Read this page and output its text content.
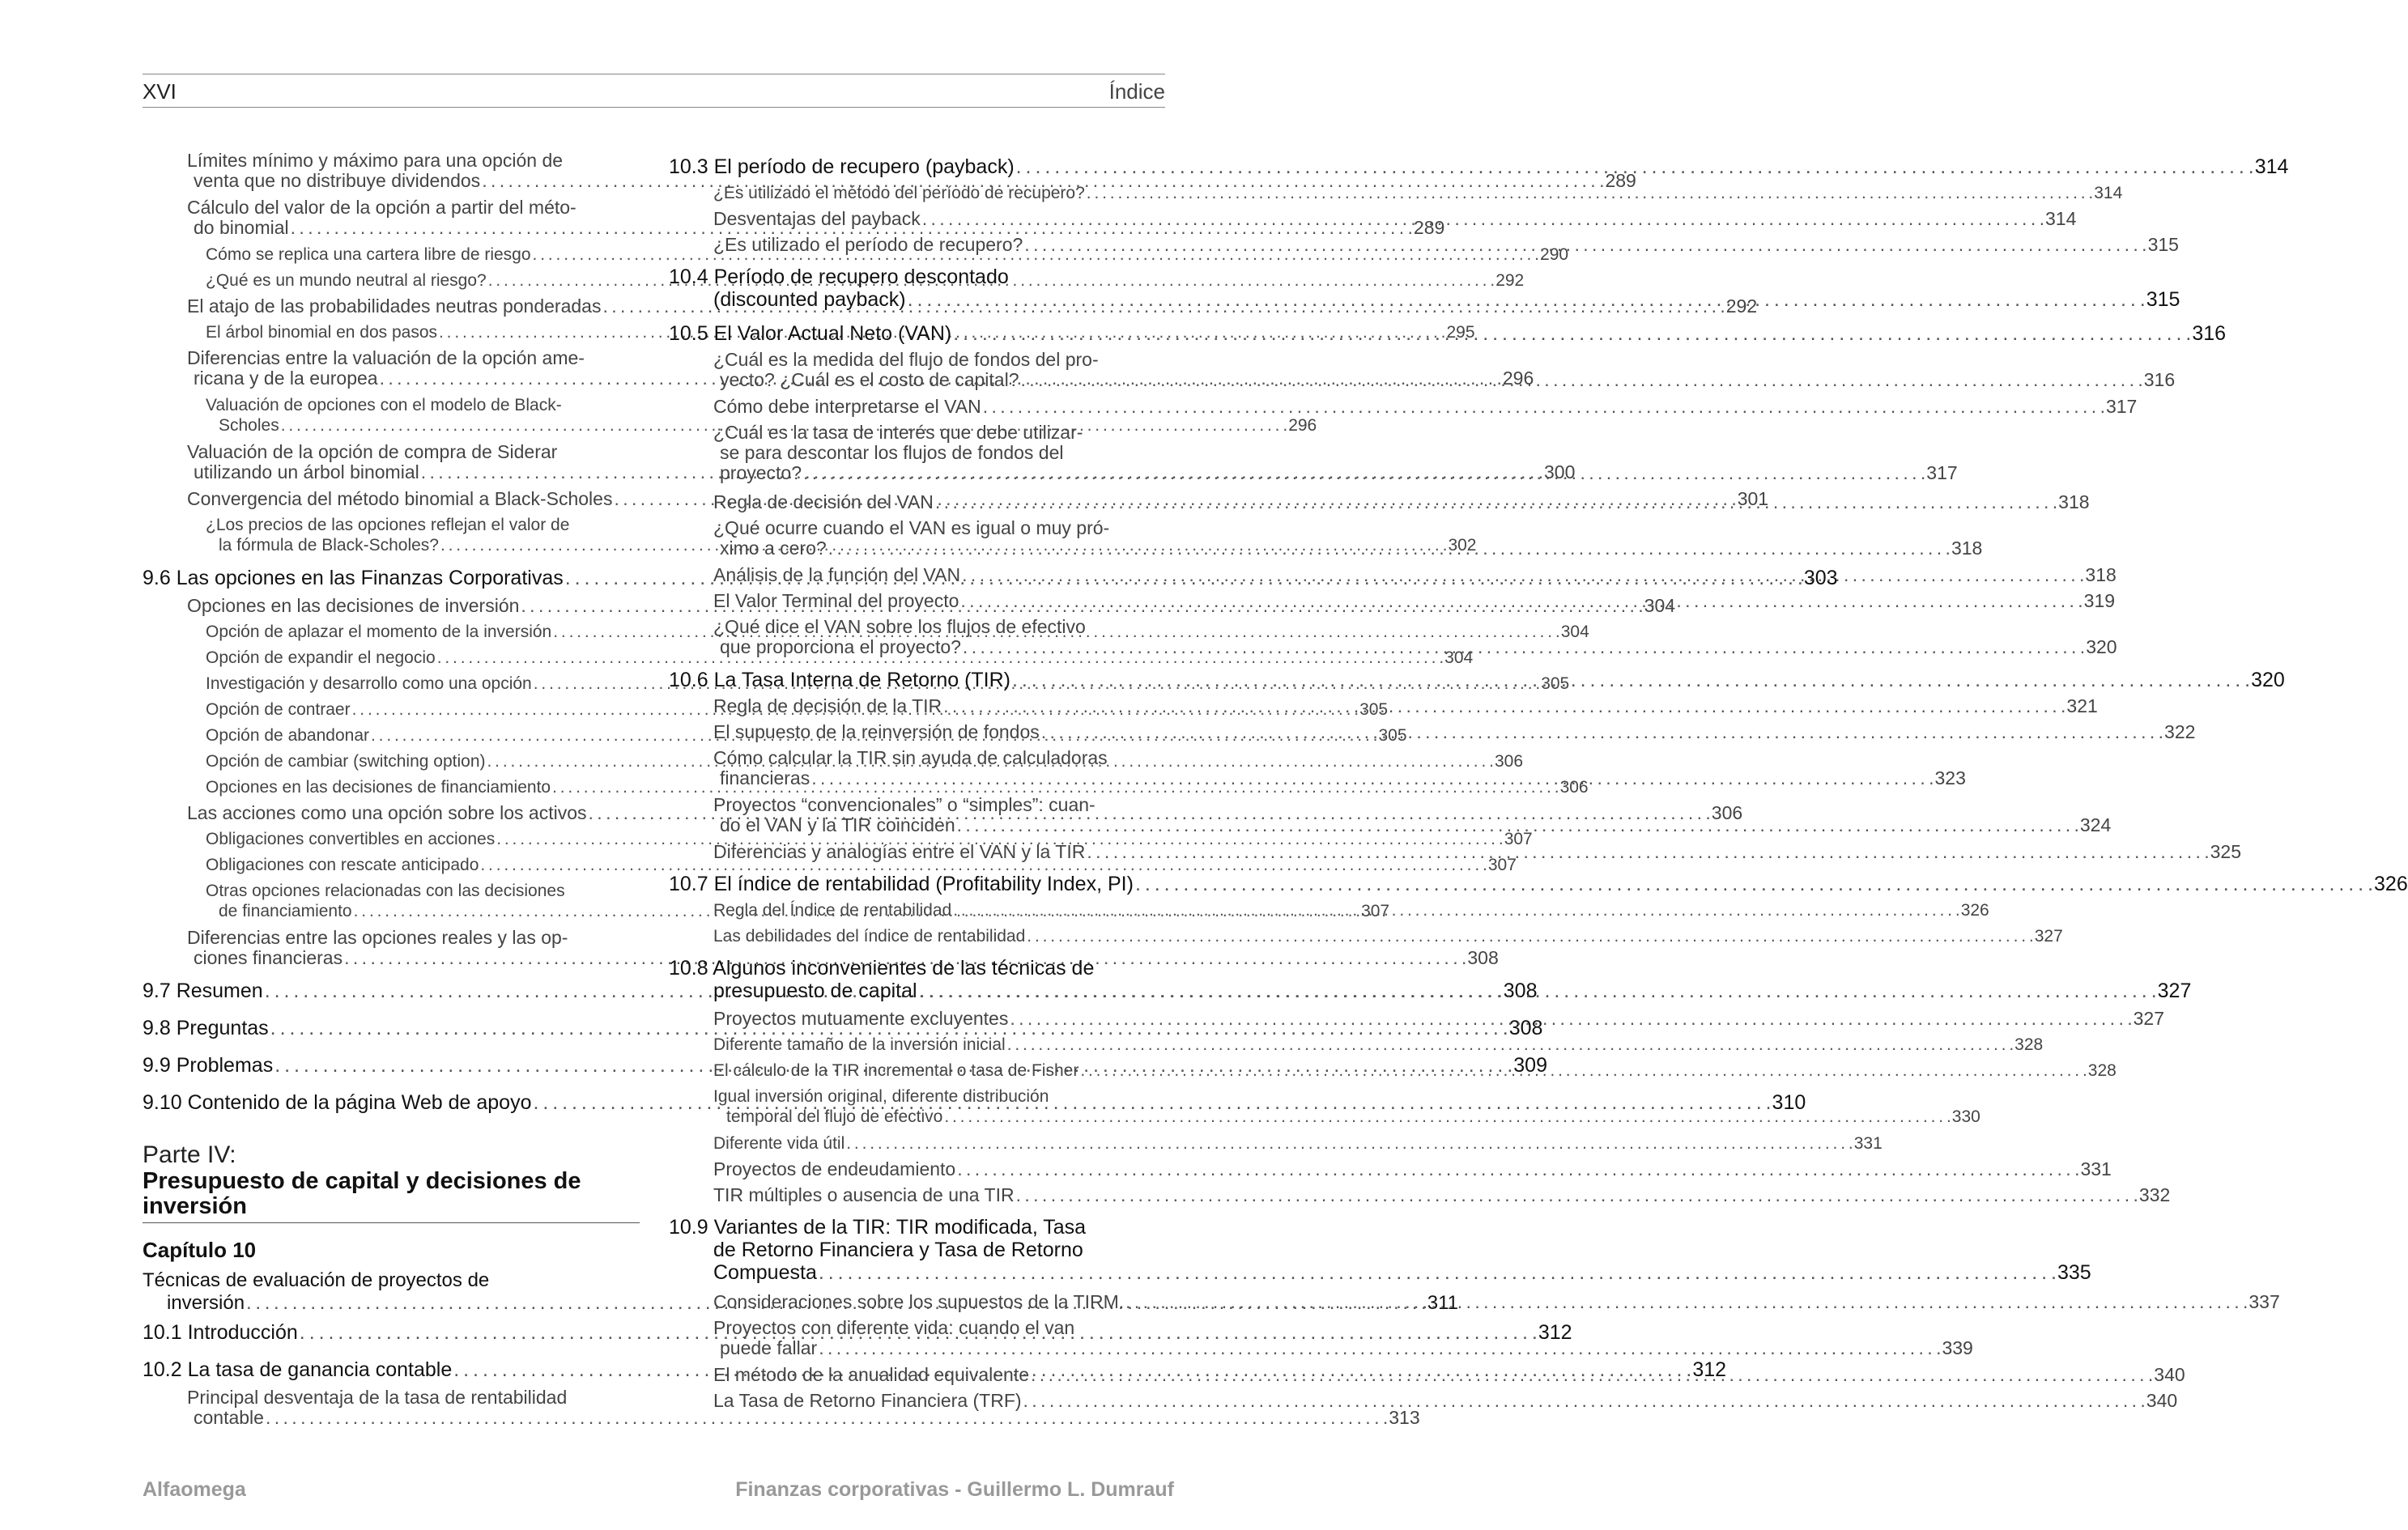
XVI	Índice
Límites mínimo y máximo para una opción de
venta que no distribuye dividendos . . .	289
Cálculo del valor de la opción a partir del méto-
do binomial . . .	289
Cómo se replica una cartera libre de riesgo . . .	290
¿Qué es un mundo neutral al riesgo? . . .	292
El atajo de las probabilidades neutras ponderadas . . .	292
El árbol binomial en dos pasos . . .	295
Diferencias entre la valuación de la opción ame-
ricana y de la europea . . .	296
Valuación de opciones con el modelo de Black-
Scholes . . .	296
Valuación de la opción de compra de Siderar
utilizando un árbol binomial . . .	300
Convergencia del método binomial a Black-Scholes . . .	301
¿Los precios de las opciones reflejan el valor de
la fórmula de Black-Scholes? . . .	302
9.6 Las opciones en las Finanzas Corporativas . . .	303
Opciones en las decisiones de inversión . . .	304
Opción de aplazar el momento de la inversión . . .	304
Opción de expandir el negocio . . .	304
Investigación y desarrollo como una opción . . .	305
Opción de contraer . . .	305
Opción de abandonar . . .	305
Opción de cambiar (switching option) . . .	306
Opciones en las decisiones de financiamiento . . .	306
Las acciones como una opción sobre los activos . . .	306
Obligaciones convertibles en acciones . . .	307
Obligaciones con rescate anticipado . . .	307
Otras opciones relacionadas con las decisiones
de financiamiento . . .	307
Diferencias entre las opciones reales y las op-
ciones financieras . . .	308
9.7 Resumen . . .	308
9.8 Preguntas . . .	308
9.9 Problemas . . .	309
9.10 Contenido de la página Web de apoyo . . .	310
Parte IV:
Presupuesto de capital y decisiones de
inversión
Capítulo 10
Técnicas de evaluación de proyectos de
inversión . . .	311
10.1 Introducción . . .	312
10.2 La tasa de ganancia contable . . .	312
Principal desventaja de la tasa de rentabilidad
contable . . .	313
10.3 El período de recupero (payback) . . .	314
¿Es utilizado el método del período de recupero? . . .	314
Desventajas del payback . . .	314
¿Es utilizado el período de recupero? . . .	315
10.4 Período de recupero descontado
(discounted payback) . . .	315
10.5 El Valor Actual Neto (VAN) . . .	316
¿Cuál es la medida del flujo de fondos del pro-
yecto? ¿Cuál es el costo de capital? . . .	316
Cómo debe interpretarse el VAN . . .	317
¿Cuál es la tasa de interés que debe utilizar-
se para descontar los flujos de fondos del
proyecto? . . .	317
Regla de decisión del VAN . . .	318
¿Qué ocurre cuando el VAN es igual o muy pró-
ximo a cero? . . .	318
Análisis de la función del VAN . . .	318
El Valor Terminal del proyecto . . .	319
¿Qué dice el VAN sobre los flujos de efectivo
que proporciona el proyecto? . . .	320
10.6 La Tasa Interna de Retorno (TIR) . . .	320
Regla de decisión de la TIR . . .	321
El supuesto de la reinversión de fondos . . .	322
Cómo calcular la TIR sin ayuda de calculadoras
financieras . . .	323
Proyectos “convencionales” o “simples”: cuan-
do el VAN y la TIR coinciden . . .	324
Diferencias y analogías entre el VAN y la TIR . . .	325
10.7 El índice de rentabilidad (Profitability Index, PI) . . .	326
Regla del Índice de rentabilidad . . .	326
Las debilidades del índice de rentabilidad . . .	327
10.8 Algunos inconvenientes de las técnicas de
presupuesto de capital . . .	327
Proyectos mutuamente excluyentes . . .	327
Diferente tamaño de la inversión inicial . . .	328
El cálculo de la TIR incremental o tasa de Fisher . . .	328
Igual inversión original, diferente distribución
temporal del flujo de efectivo . . .	330
Diferente vida útil . . .	331
Proyectos de endeudamiento . . .	331
TIR múltiples o ausencia de una TIR . . .	332
10.9 Variantes de la TIR: TIR modificada, Tasa
de Retorno Financiera y Tasa de Retorno
Compuesta . . .	335
Consideraciones sobre los supuestos de la TIRM. . . .	337
Proyectos con diferente vida: cuando el van
puede fallar . . .	339
El método de la anualidad equivalente . . .	340
La Tasa de Retorno Financiera (TRF) . . .	340
Alfaomega	Finanzas corporativas - Guillermo L. Dumrauf
